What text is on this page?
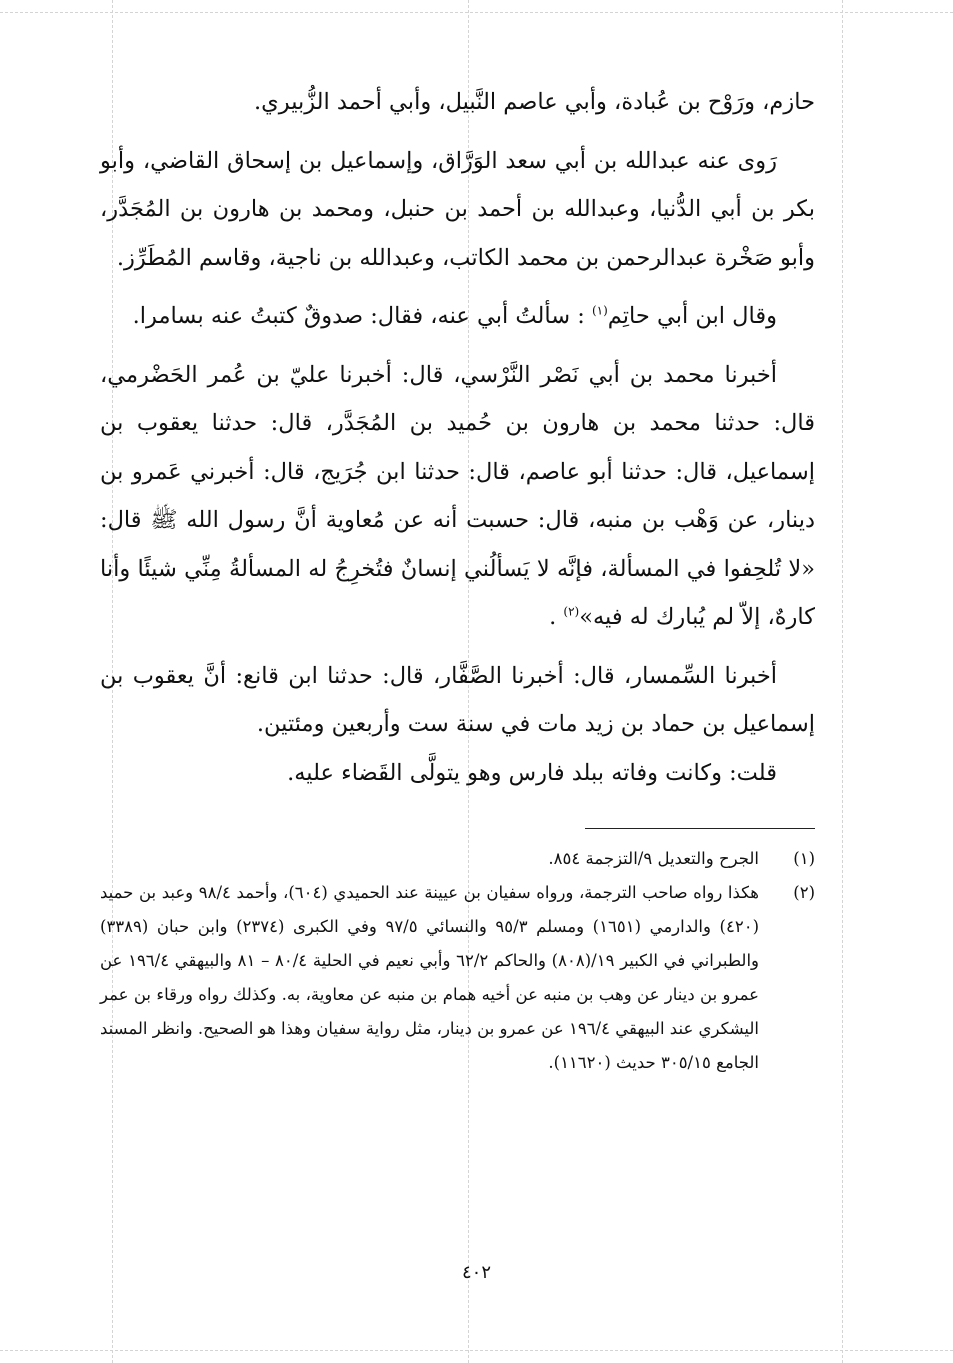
حازم، ورَوْح بن عُبادة، وأبي عاصم النَّبيل، وأبي أحمد الزُّبيري.

رَوى عنه عبدالله بن أبي سعد الوَرَّاق، وإسماعيل بن إسحاق القاضي، وأبو بكر بن أبي الدُّنيا، وعبدالله بن أحمد بن حنبل، ومحمد بن هارون بن المُجَدَّر، وأبو صَخْرة عبدالرحمن بن محمد الكاتب، وعبدالله بن ناجية، وقاسم المُطَرِّز.

وقال ابن أبي حاتِم$^{(١)}$ : سألتُ أبي عنه، فقال: صدوقٌ كتبتُ عنه بسامرا.

أخبرنا محمد بن أبي نَصْر النَّرْسي، قال: أخبرنا عليّ بن عُمر الحَضْرمي، قال: حدثنا محمد بن هارون بن حُميد بن المُجَدَّر، قال: حدثنا يعقوب بن إسماعيل، قال: حدثنا أبو عاصم، قال: حدثنا ابن جُرَيج، قال: أخبرني عَمرو بن دينار، عن وَهْب بن منبه، قال: حسبت أنه عن مُعاوية أنَّ رسول الله ﷺ قال: «لا تُلحِفوا في المسألة، فإنَّه لا يَسألُني إنسانٌ فتُخرِجُ له المسألةُ مِنِّي شيئًا وأنا كارهٌ، إلاّ لم يُبارك له فيه»$^{(٢)}$ .

أخبرنا السِّمسار، قال: أخبرنا الصَّفَّار، قال: حدثنا ابن قانع: أنَّ يعقوب بن إسماعيل بن حماد بن زيد مات في سنة ست وأربعين ومئتين.

قلت: وكانت وفاته ببلد فارس وهو يتولَّى القَضاء عليه.

(١)
الجرح والتعديل ٩/التزجمة ٨٥٤.
(٢)
هكذا رواه صاحب الترجمة، ورواه سفيان بن عيينة عند الحميدي (٦٠٤)، وأحمد ٩٨/٤ وعبد بن حميد (٤٢٠) والدارمي (١٦٥١) ومسلم ٩٥/٣ والنسائي ٩٧/٥ وفي الكبرى (٢٣٧٤) وابن حبان (٣٣٨٩) والطبراني في الكبير ١٩/(٨٠٨) والحاكم ٦٢/٢ وأبي نعيم في الحلية ٨٠/٤ – ٨١ والبيهقي ١٩٦/٤ عن عمرو بن دينار عن وهب بن منبه عن أخيه همام بن منبه عن معاوية، به. وكذلك رواه ورقاء بن عمر اليشكري عند البيهقي ١٩٦/٤ عن عمرو بن دينار، مثل رواية سفيان وهذا هو الصحيح. وانظر المسند الجامع ٣٠٥/١٥ حديث (١١٦٢٠).
٤٠٢
